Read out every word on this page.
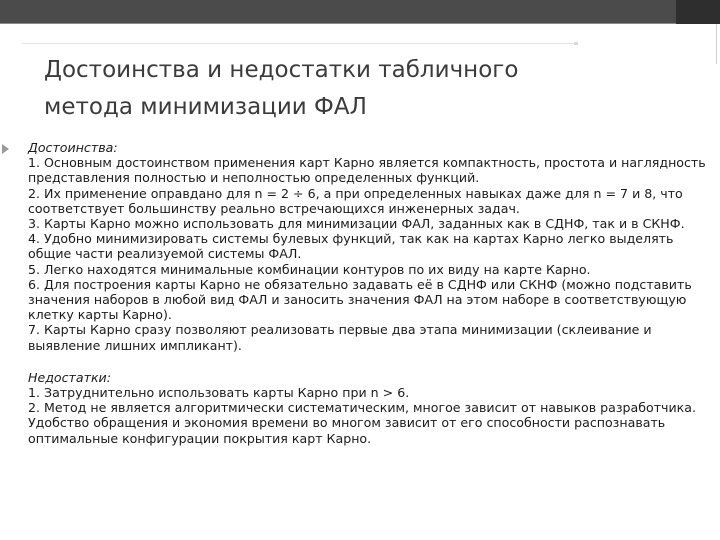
Достоинства и недостатки табличного
метода минимизации ФАЛ
Достоинства:

1. Основным достоинством применения карт Карно является компактность, простота и наглядность представления полностью и неполностью определенных функций.

2. Их применение оправдано для n = 2 ÷ 6, а при определенных навыках даже для n = 7 и 8, что соответствует большинству реально встречающихся инженерных задач.

3. Карты Карно можно использовать для минимизации ФАЛ, заданных как в СДНФ, так и в СКНФ.

4. Удобно минимизировать системы булевых функций, так как на картах Карно легко выделять общие части реализуемой системы ФАЛ.

5. Легко находятся минимальные комбинации контуров по их виду на карте Карно.

6. Для построения карты Карно не обязательно задавать её в СДНФ или СКНФ (можно подставить значения наборов в любой вид ФАЛ и заносить значения ФАЛ на этом наборе в соответствующую клетку карты Карно).

7. Карты Карно сразу позволяют реализовать первые два этапа минимизации (склеивание и выявление лишних импликант).

Недостатки:

1. Затруднительно использовать карты Карно при n > 6.

2. Метод не является алгоритмически систематическим, многое зависит от навыков разработчика. Удобство обращения и экономия времени во многом зависит от его способности распознавать оптимальные конфигурации покрытия карт Карно.
